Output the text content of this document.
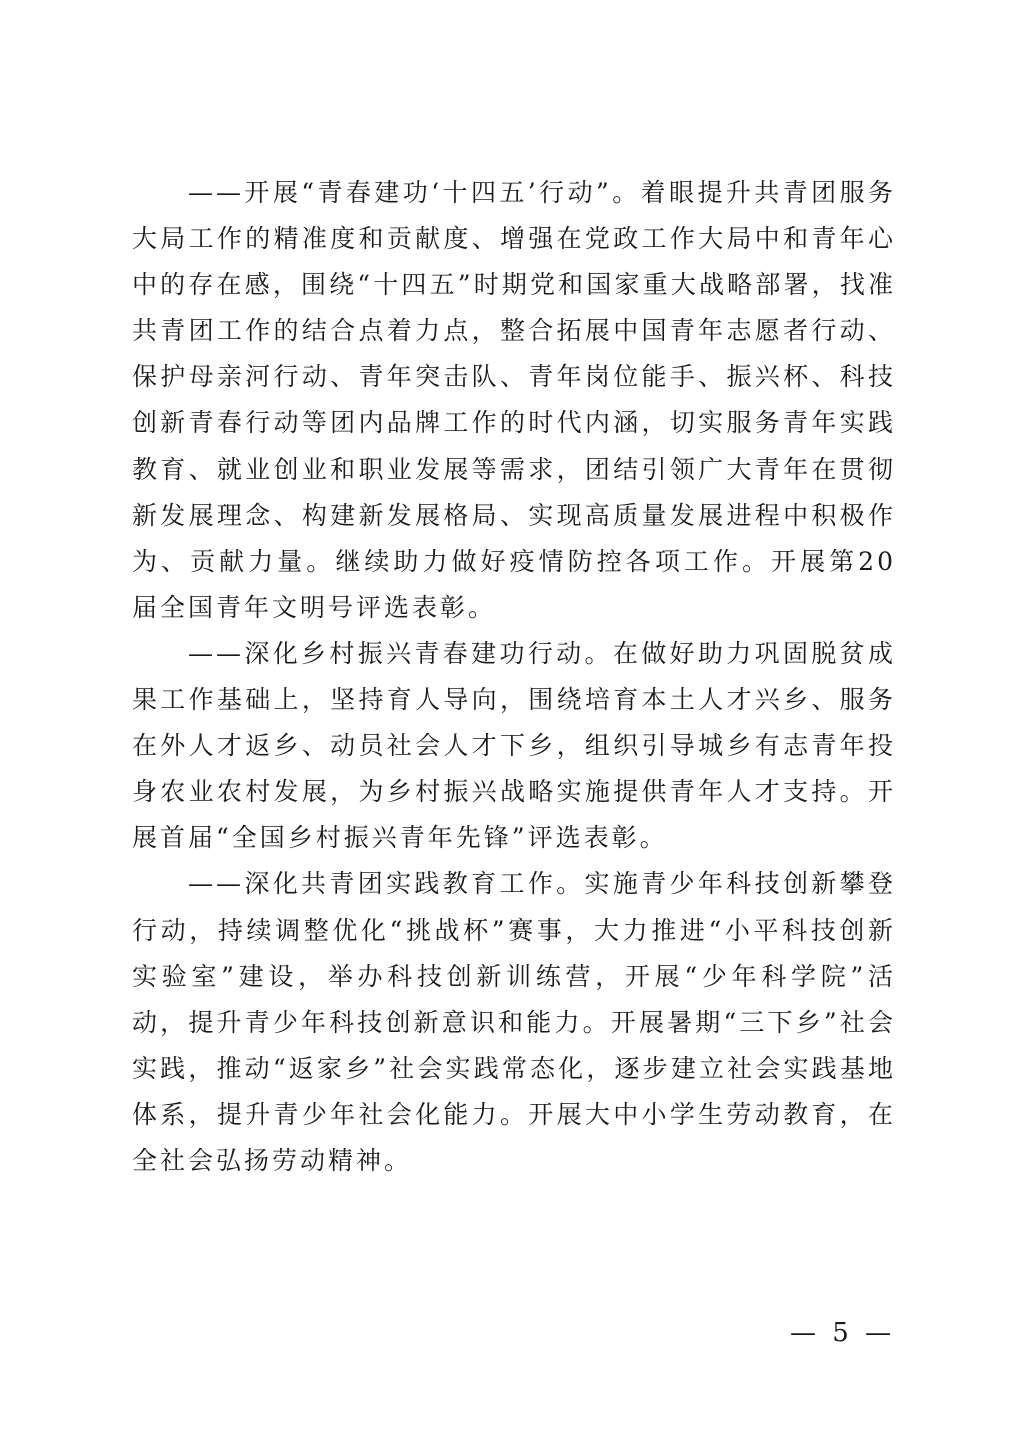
——开展“青春建功‘十四五’行动”。着眼提升共青团服务大局工作的精准度和贡献度、增强在党政工作大局中和青年心中的存在感，围绕“十四五”时期党和国家重大战略部署，找准共青团工作的结合点着力点，整合拓展中国青年志愿者行动、保护母亲河行动、青年突击队、青年岗位能手、振兴杯、科技创新青春行动等团内品牌工作的时代内涵，切实服务青年实践教育、就业创业和职业发展等需求，团结引领广大青年在贯彻新发展理念、构建新发展格局、实现高质量发展进程中积极作为、贡献力量。继续助力做好疫情防控各项工作。开展第20届全国青年文明号评选表彰。

——深化乡村振兴青春建功行动。在做好助力巩固脱贫成果工作基础上，坚持育人导向，围绕培育本土人才兴乡、服务在外人才返乡、动员社会人才下乡，组织引导城乡有志青年投身农业农村发展，为乡村振兴战略实施提供青年人才支持。开展首届“全国乡村振兴青年先锋”评选表彰。

——深化共青团实践教育工作。实施青少年科技创新攀登行动，持续调整优化“挑战杯”赛事，大力推进“小平科技创新实验室”建设，举办科技创新训练营，开展“少年科学院”活动，提升青少年科技创新意识和能力。开展暑期“三下乡”社会实践，推动“返家乡”社会实践常态化，逐步建立社会实践基地体系，提升青少年社会化能力。开展大中小学生劳动教育，在全社会弘扬劳动精神。

— 5 —
